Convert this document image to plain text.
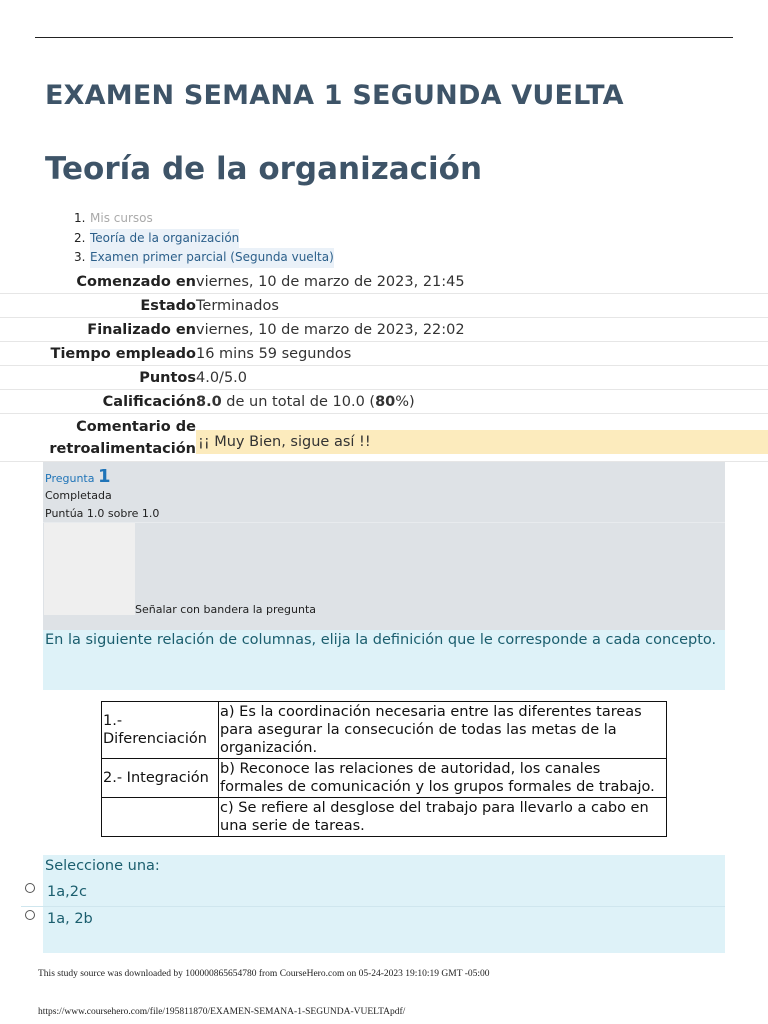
EXAMEN SEMANA 1 SEGUNDA VUELTA
Teoría de la organización
1. Mis cursos
2. Teoría de la organización
3. Examen primer parcial (Segunda vuelta)
Comenzado en viernes, 10 de marzo de 2023, 21:45
Estado Terminados
Finalizado en viernes, 10 de marzo de 2023, 22:02
Tiempo empleado 16 mins 59 segundos
Puntos 4.0/5.0
Calificación 8.0 de un total de 10.0 (80%)
Comentario de
retroalimentación ¡¡ Muy Bien, sigue así !!
Pregunta 1
Completada
Puntúa 1.0 sobre 1.0
Señalar con bandera la pregunta
En la siguiente relación de columnas, elija la definición que le corresponde a cada concepto.
1.- Diferenciación	a) Es la coordinación necesaria entre las diferentes tareas para asegurar la consecución de todas las metas de la organización.
2.- Integración	b) Reconoce las relaciones de autoridad, los canales formales de comunicación y los grupos formales de trabajo.
	c) Se refiere al desglose del trabajo para llevarlo a cabo en una serie de tareas.
Seleccione una:
1a,2c
1a, 2b
This study source was downloaded by 100000865654780 from CourseHero.com on 05-24-2023 19:10:19 GMT -05:00
https://www.coursehero.com/file/195811870/EXAMEN-SEMANA-1-SEGUNDA-VUELTApdf/
